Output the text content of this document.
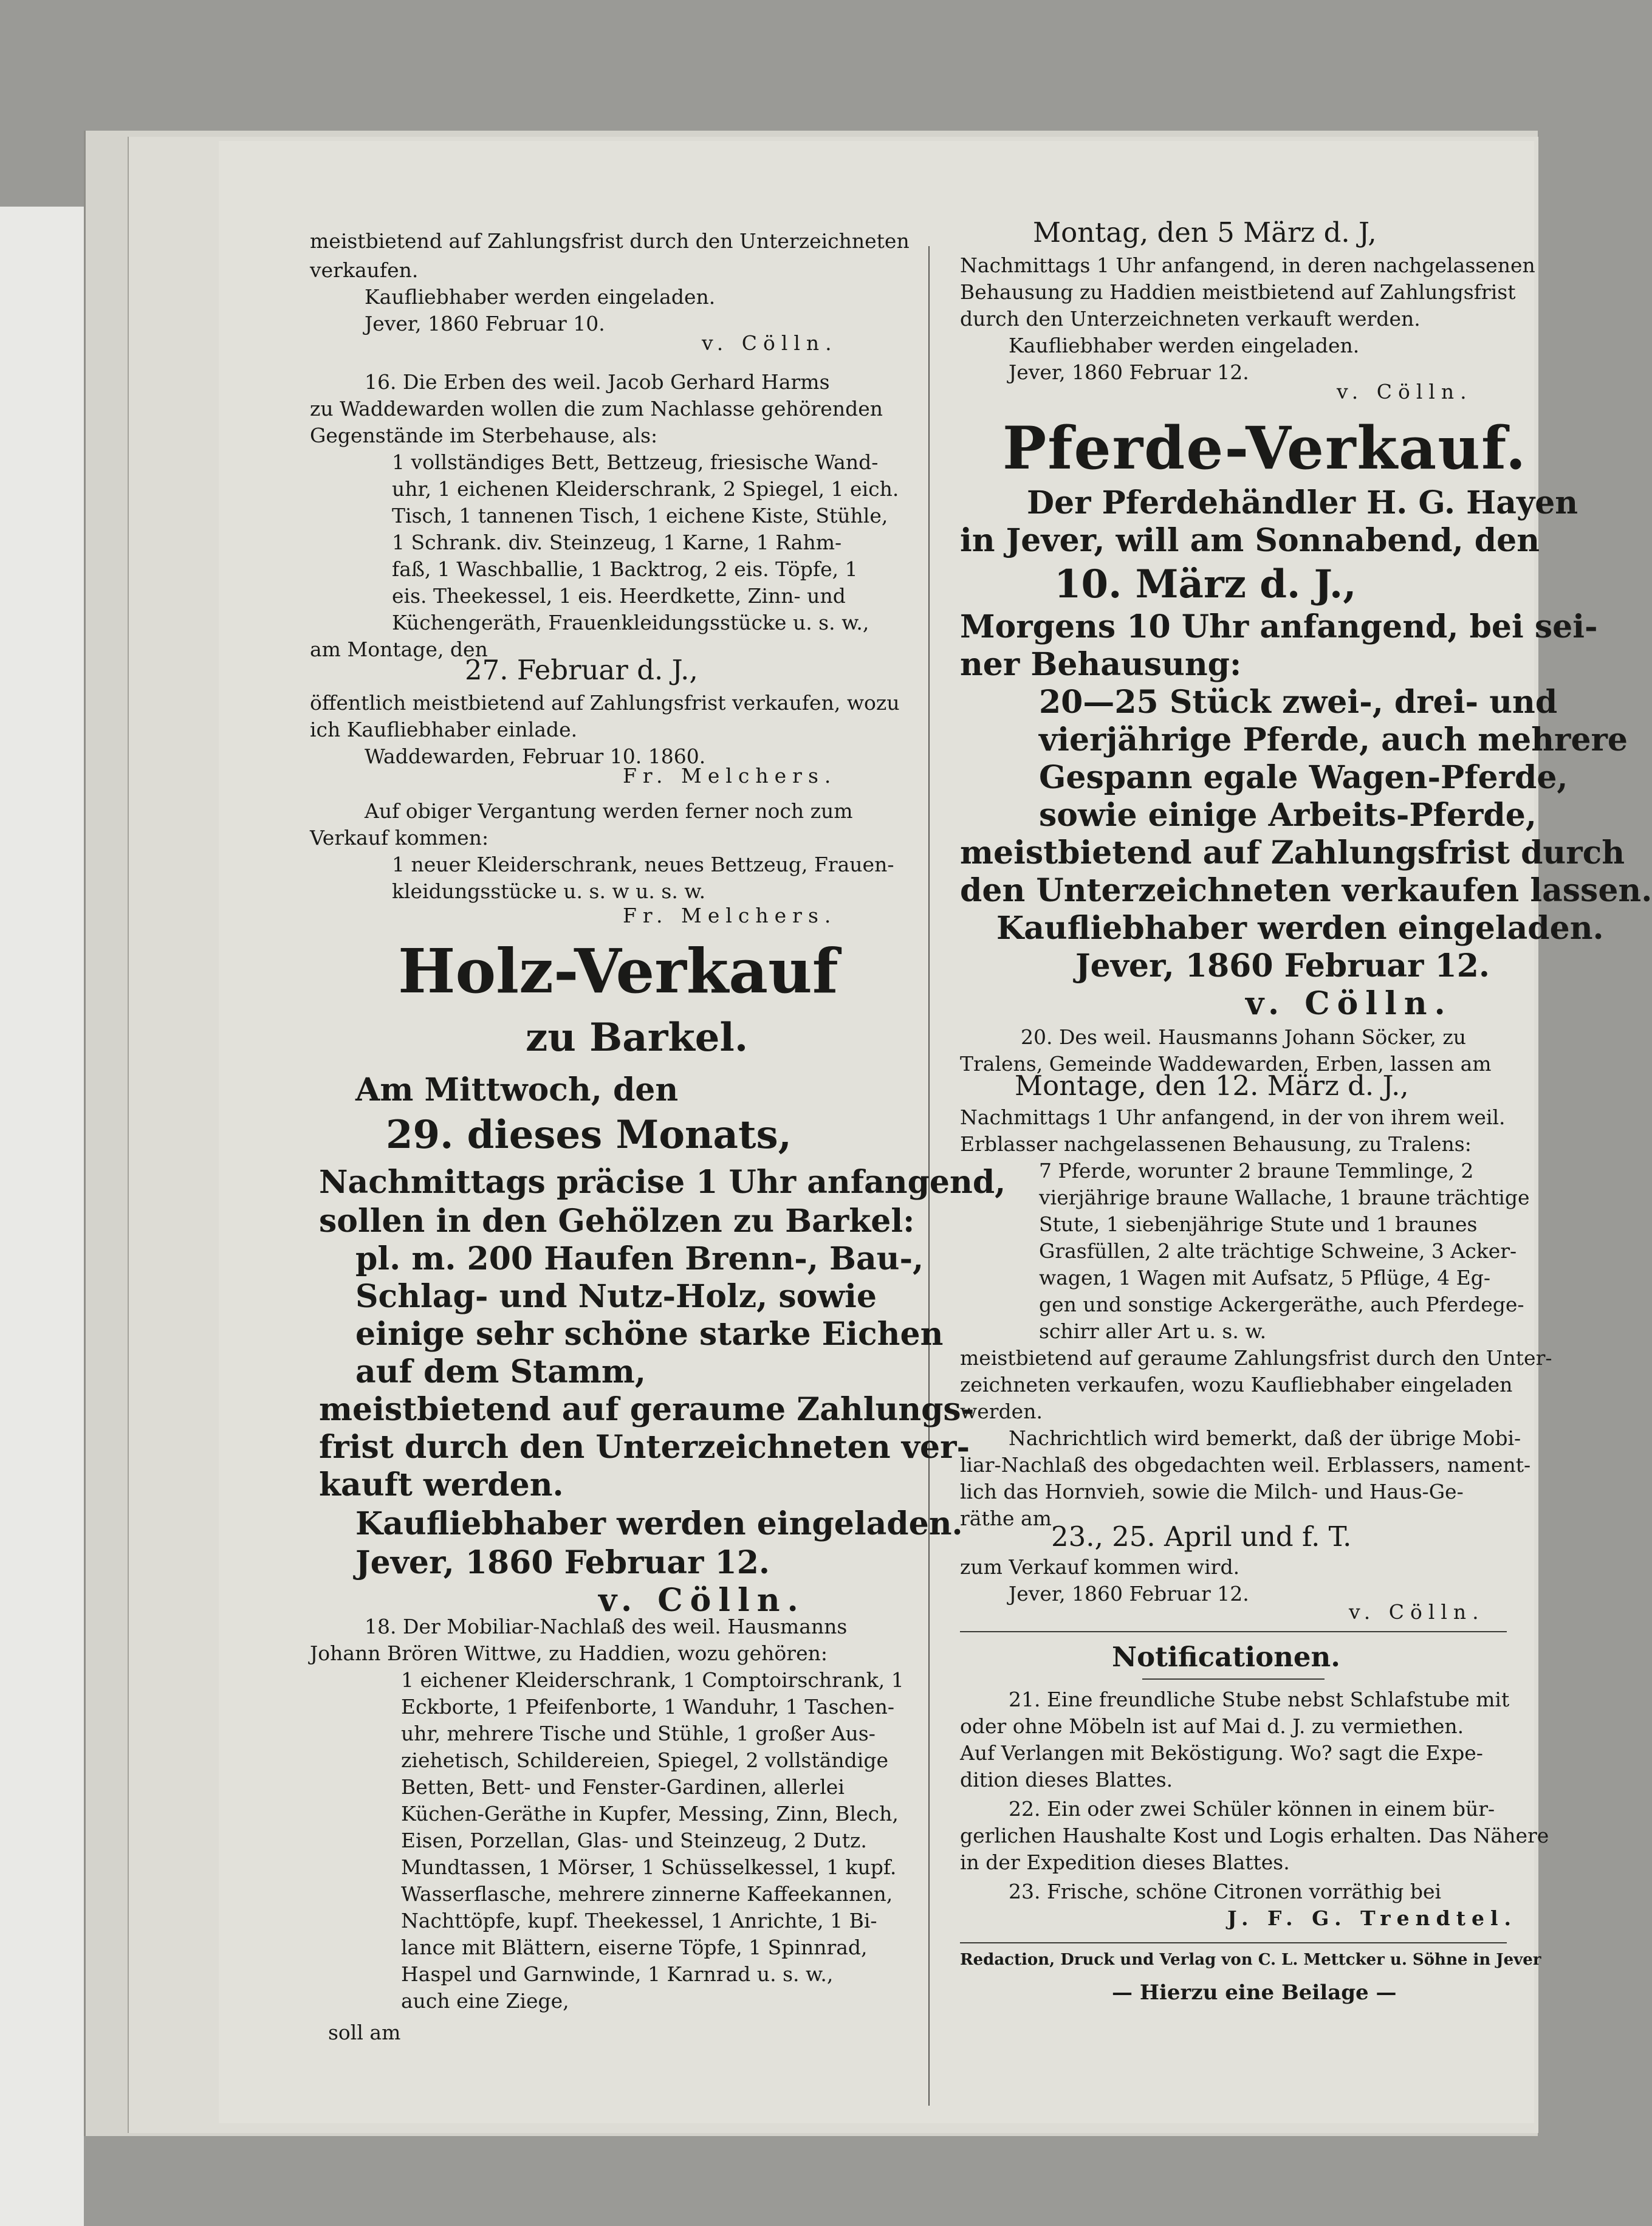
meistbietend auf Zahlungsfrist durch den Unterzeichneten
verkaufen.
Kaufliebhaber werden eingeladen.
Jever, 1860 Februar 10.
v. Cölln.
16. Die Erben des weil. Jacob Gerhard Harms
zu Waddewarden wollen die zum Nachlasse gehörenden
Gegenstände im Sterbehause, als:
1 vollständiges Bett, Bettzeug, friesische Wand-
uhr, 1 eichenen Kleiderschrank, 2 Spiegel, 1 eich.
Tisch, 1 tannenen Tisch, 1 eichene Kiste, Stühle,
1 Schrank. div. Steinzeug, 1 Karne, 1 Rahm-
faß, 1 Waschballie, 1 Backtrog, 2 eis. Töpfe, 1
eis. Theekessel, 1 eis. Heerdkette, Zinn- und
Küchengeräth, Frauenkleidungsstücke u. s. w.,
am Montage, den
27. Februar d. J.,
öffentlich meistbietend auf Zahlungsfrist verkaufen, wozu
ich Kaufliebhaber einlade.
Waddewarden, Februar 10. 1860.
Fr. Melchers.
Auf obiger Vergantung werden ferner noch zum
Verkauf kommen:
1 neuer Kleiderschrank, neues Bettzeug, Frauen-
kleidungsstücke u. s. w u. s. w.
Fr. Melchers.
Holz-Verkauf
zu Barkel.
Am Mittwoch, den
29. dieses Monats,
Nachmittags präcise 1 Uhr anfangend,
sollen in den Gehölzen zu Barkel:
pl. m. 200 Haufen Brenn-, Bau-,
Schlag- und Nutz-Holz, sowie
einige sehr schöne starke Eichen
auf dem Stamm,
meistbietend auf geraume Zahlungs-
frist durch den Unterzeichneten ver-
kauft werden.
Kaufliebhaber werden eingeladen.
Jever, 1860 Februar 12.
v. Cölln.
18. Der Mobiliar-Nachlaß des weil. Hausmanns
Johann Brören Wittwe, zu Haddien, wozu gehören:
1 eichener Kleiderschrank, 1 Comptoirschrank, 1
Eckborte, 1 Pfeifenborte, 1 Wanduhr, 1 Taschen-
uhr, mehrere Tische und Stühle, 1 großer Aus-
ziehetisch, Schildereien, Spiegel, 2 vollständige
Betten, Bett- und Fenster-Gardinen, allerlei
Küchen-Geräthe in Kupfer, Messing, Zinn, Blech,
Eisen, Porzellan, Glas- und Steinzeug, 2 Dutz.
Mundtassen, 1 Mörser, 1 Schüsselkessel, 1 kupf.
Wasserflasche, mehrere zinnerne Kaffeekannen,
Nachttöpfe, kupf. Theekessel, 1 Anrichte, 1 Bi-
lance mit Blättern, eiserne Töpfe, 1 Spinnrad,
Haspel und Garnwinde, 1 Karnrad u. s. w.,
auch eine Ziege,
soll am
Montag, den 5 März d. J,
Nachmittags 1 Uhr anfangend, in deren nachgelassenen
Behausung zu Haddien meistbietend auf Zahlungsfrist
durch den Unterzeichneten verkauft werden.
Kaufliebhaber werden eingeladen.
Jever, 1860 Februar 12.
v. Cölln.
Pferde-Verkauf.
Der Pferdehändler H. G. Hayen
in Jever, will am Sonnabend, den
10. März d. J.,
Morgens 10 Uhr anfangend, bei sei-
ner Behausung:
20—25 Stück zwei-, drei- und
vierjährige Pferde, auch mehrere
Gespann egale Wagen-Pferde,
sowie einige Arbeits-Pferde,
meistbietend auf Zahlungsfrist durch
den Unterzeichneten verkaufen lassen.
Kaufliebhaber werden eingeladen.
Jever, 1860 Februar 12.
v. Cölln.
20. Des weil. Hausmanns Johann Söcker, zu
Tralens, Gemeinde Waddewarden, Erben, lassen am
Montage, den 12. März d. J.,
Nachmittags 1 Uhr anfangend, in der von ihrem weil.
Erblasser nachgelassenen Behausung, zu Tralens:
7 Pferde, worunter 2 braune Temmlinge, 2
vierjährige braune Wallache, 1 braune trächtige
Stute, 1 siebenjährige Stute und 1 braunes
Grasfüllen, 2 alte trächtige Schweine, 3 Acker-
wagen, 1 Wagen mit Aufsatz, 5 Pflüge, 4 Eg-
gen und sonstige Ackergeräthe, auch Pferdege-
schirr aller Art u. s. w.
meistbietend auf geraume Zahlungsfrist durch den Unter-
zeichneten verkaufen, wozu Kaufliebhaber eingeladen
werden.
Nachrichtlich wird bemerkt, daß der übrige Mobi-
liar-Nachlaß des obgedachten weil. Erblassers, nament-
lich das Hornvieh, sowie die Milch- und Haus-Ge-
räthe am
23., 25. April und f. T.
zum Verkauf kommen wird.
Jever, 1860 Februar 12.
v. Cölln.
Notificationen.
21. Eine freundliche Stube nebst Schlafstube mit
oder ohne Möbeln ist auf Mai d. J. zu vermiethen.
Auf Verlangen mit Beköstigung. Wo? sagt die Expe-
dition dieses Blattes.
22. Ein oder zwei Schüler können in einem bür-
gerlichen Haushalte Kost und Logis erhalten. Das Nähere
in der Expedition dieses Blattes.
23. Frische, schöne Citronen vorräthig bei
J. F. G. Trendtel.
Redaction, Druck und Verlag von C. L. Mettcker u. Söhne in Jever
— Hierzu eine Beilage —
